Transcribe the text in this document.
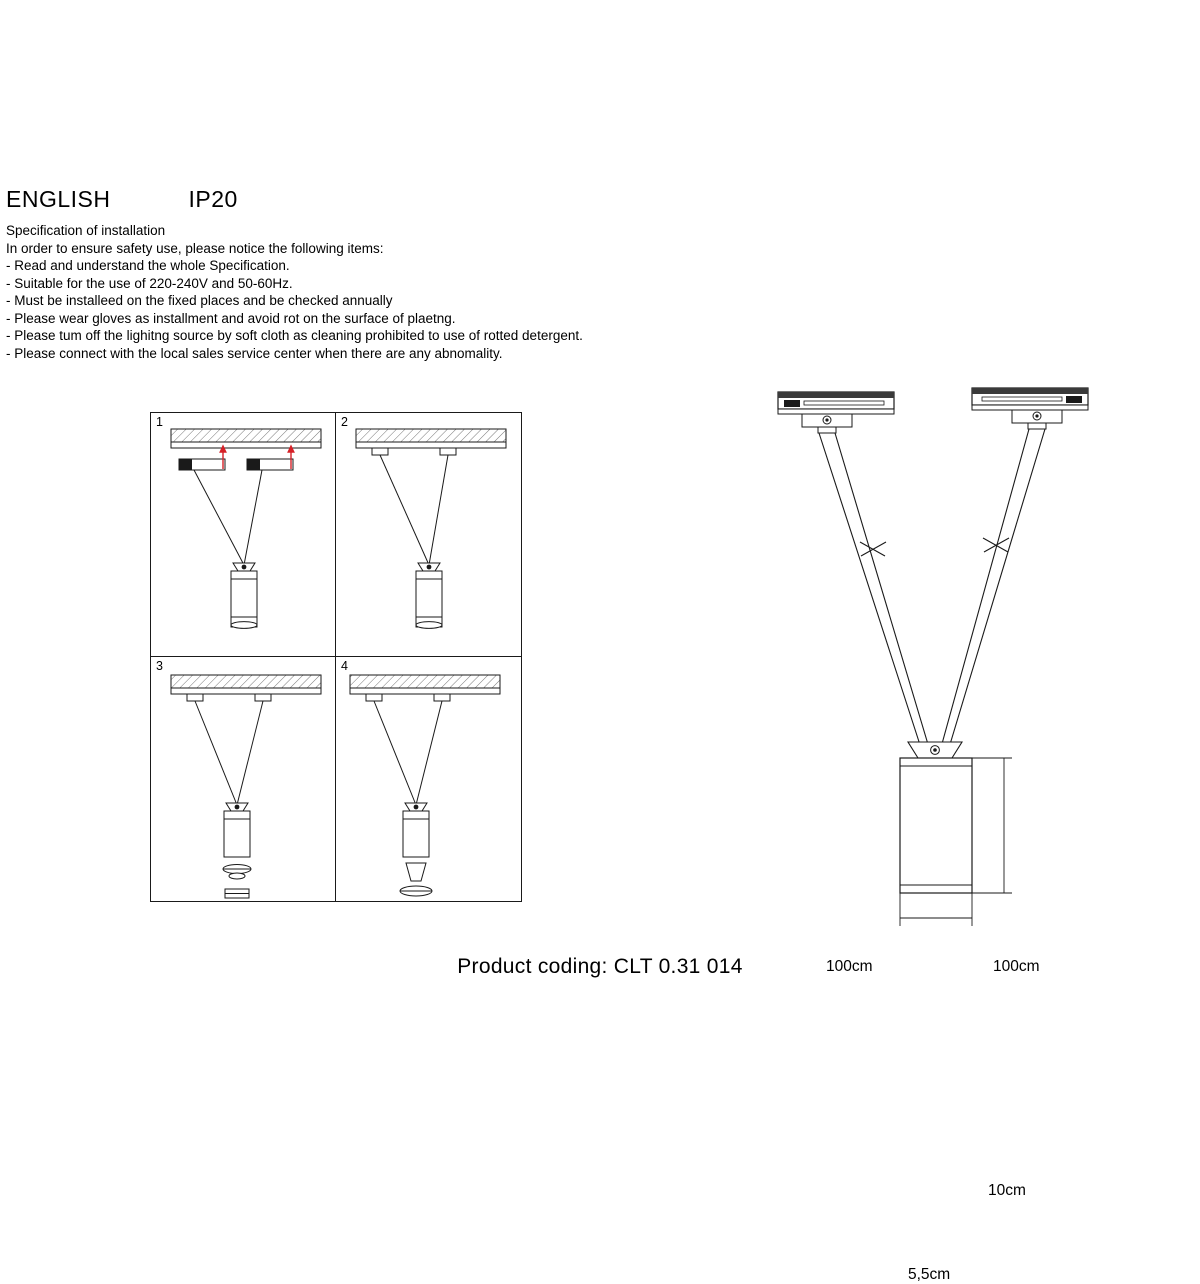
ENGLISH	IP20
Specification of installation
In order to ensure safety use, please notice the following items:
- Read and understand the whole Specification.
- Suitable for the use of 220-240V and 50-60Hz.
- Must be installeed on the fixed places and be checked annually
- Please wear gloves as installment and avoid rot on the surface of plaetng.
- Please tum off the lighitng source by soft cloth as cleaning prohibited to use of rotted detergent.
- Please connect with the local sales service center when there are any abnomality.
1	2
3	4
100cm	100cm
10cm
5,5cm
Product coding: CLT 0.31 014
